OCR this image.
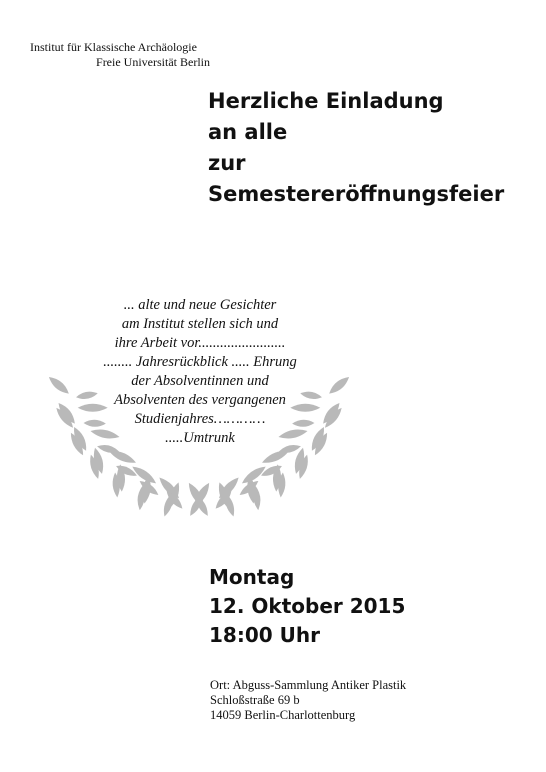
Institut für Klassische Archäologie
Freie Universität Berlin
Herzliche Einladung
an alle
zur
Semestereröffnungsfeier
... alte und neue Gesichter
am Institut stellen sich und
ihre Arbeit vor........................
........ Jahresrückblick ..... Ehrung
der Absolventinnen und
Absolventen des vergangenen
Studienjahres…………
.....Umtrunk
Montag
12. Oktober 2015
18:00 Uhr
Ort: Abguss-Sammlung Antiker Plastik
Schloßstraße 69 b
14059 Berlin-Charlottenburg
